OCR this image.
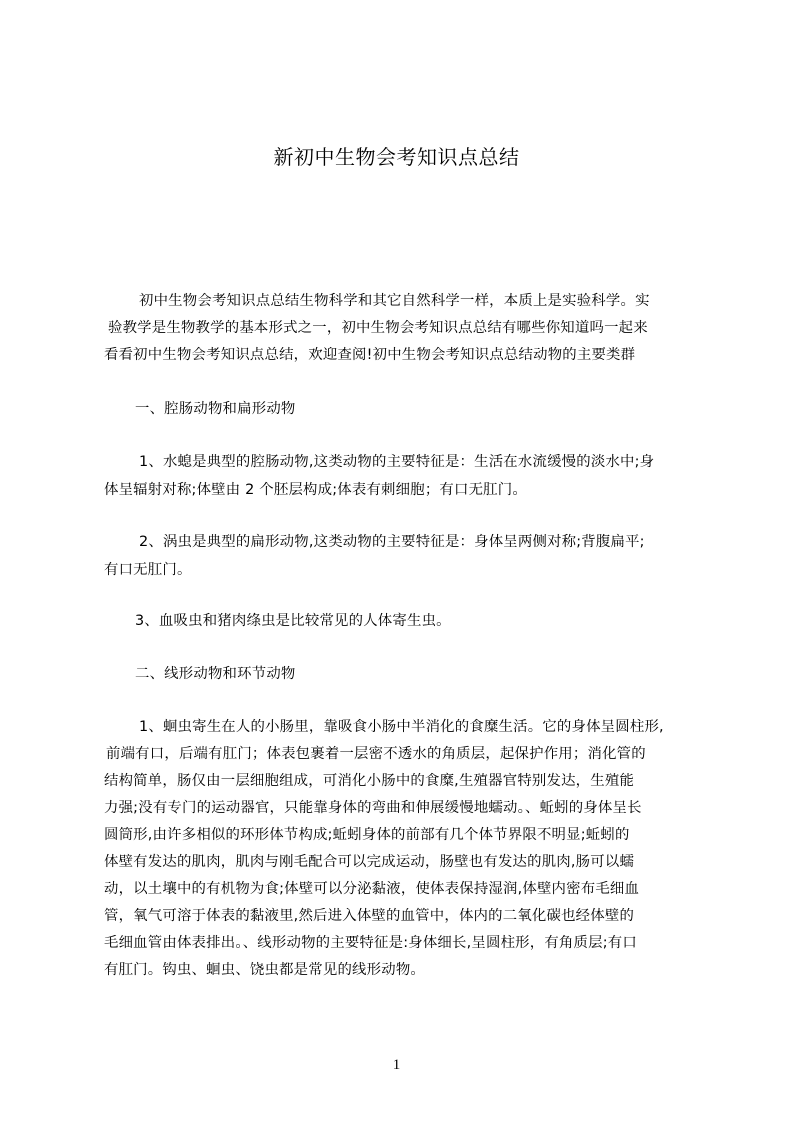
新初中生物会考知识点总结
初中生物会考知识点总结生物科学和其它自然科学一样，本质上是实验科学。实
验教学是生物教学的基本形式之一，初中生物会考知识点总结有哪些你知道吗一起来
看看初中生物会考知识点总结，欢迎查阅!初中生物会考知识点总结动物的主要类群
一、腔肠动物和扁形动物
1、水螅是典型的腔肠动物,这类动物的主要特征是：生活在水流缓慢的淡水中;身
体呈辐射对称;体壁由 2 个胚层构成;体表有刺细胞；有口无肛门。
2、涡虫是典型的扁形动物,这类动物的主要特征是：身体呈两侧对称;背腹扁平;
有口无肛门。
3、血吸虫和猪肉绦虫是比较常见的人体寄生虫。
二、线形动物和环节动物
1、蛔虫寄生在人的小肠里，靠吸食小肠中半消化的食糜生活。它的身体呈圆柱形,
前端有口，后端有肛门；体表包裹着一层密不透水的角质层，起保护作用；消化管的
结构简单，肠仅由一层细胞组成，可消化小肠中的食糜,生殖器官特别发达，生殖能
力强;没有专门的运动器官，只能靠身体的弯曲和伸展缓慢地蠕动。、蚯蚓的身体呈长
圆筒形,由许多相似的环形体节构成;蚯蚓身体的前部有几个体节界限不明显;蚯蚓的
体壁有发达的肌肉，肌肉与刚毛配合可以完成运动，肠壁也有发达的肌肉,肠可以蠕
动，以土壤中的有机物为食;体壁可以分泌黏液，使体表保持湿润,体壁内密布毛细血
管，氧气可溶于体表的黏液里,然后进入体壁的血管中，体内的二氧化碳也经体壁的
毛细血管由体表排出。、线形动物的主要特征是:身体细长,呈圆柱形，有角质层;有口
有肛门。钩虫、蛔虫、饶虫都是常见的线形动物。
1
